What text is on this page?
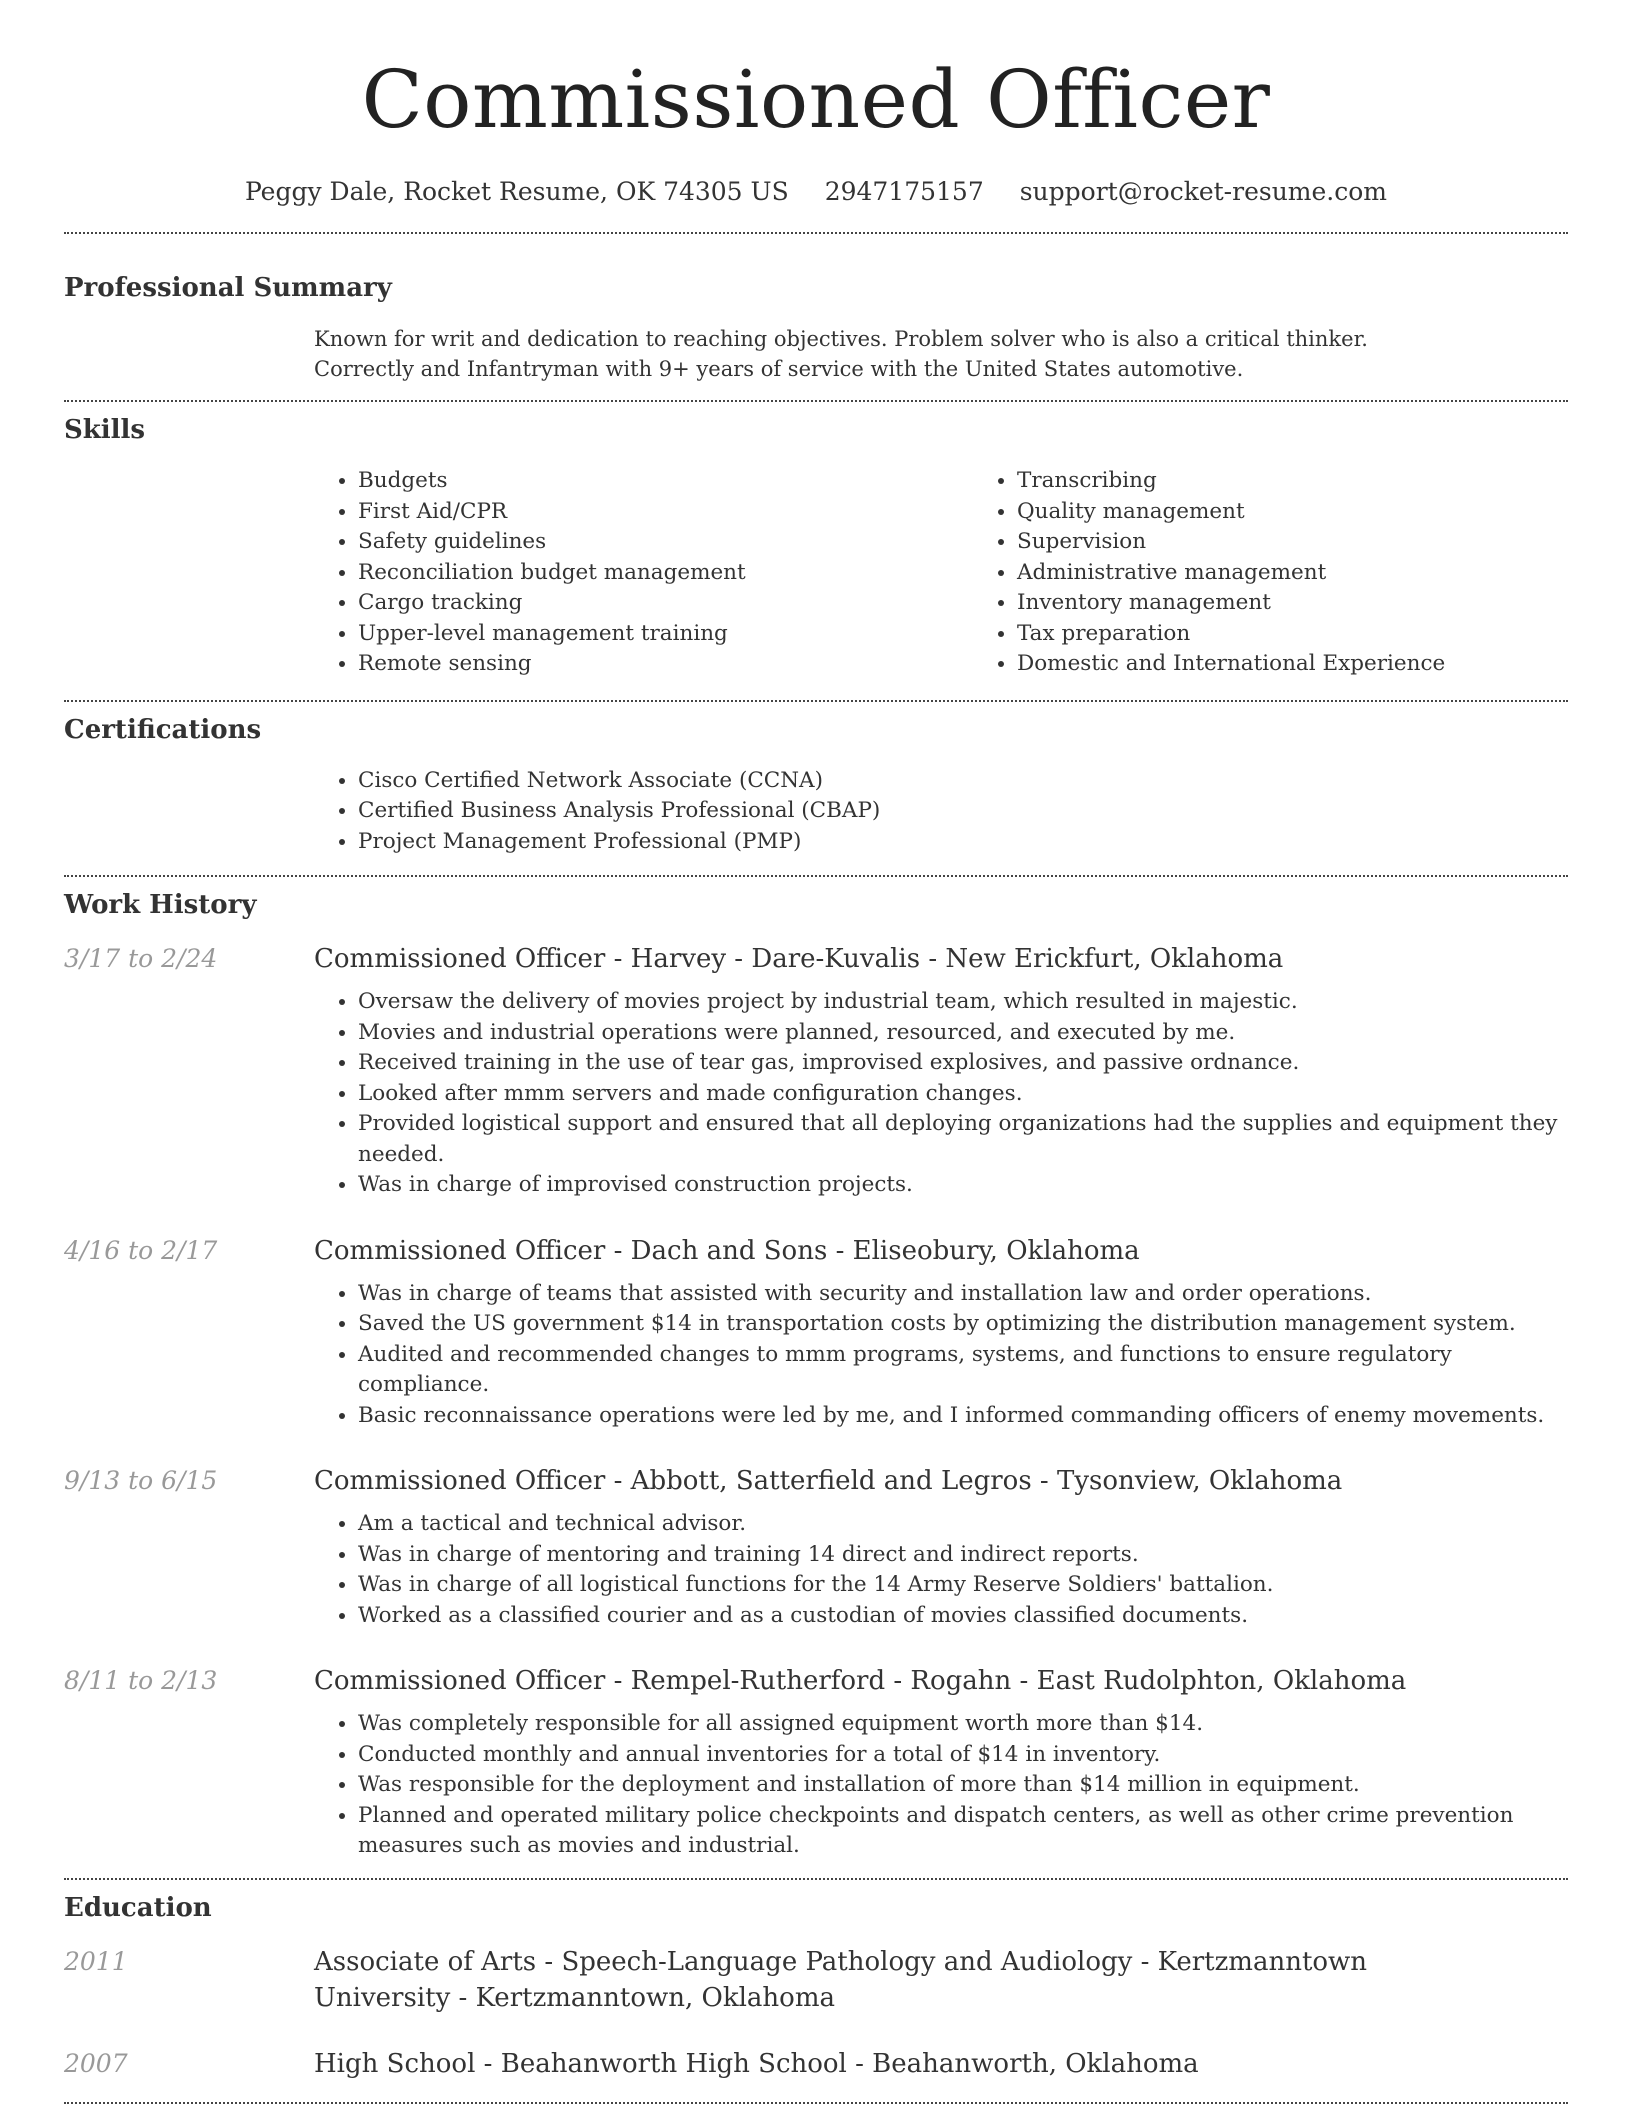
Commissioned Officer
Peggy Dale, Rocket Resume, OK 74305 US 2947175157 support@rocket-resume.com
Professional Summary
Known for writ and dedication to reaching objectives. Problem solver who is also a critical thinker. Correctly and Infantryman with 9+ years of service with the United States automotive.
Skills
• Budgets
• First Aid/CPR
• Safety guidelines
• Reconciliation budget management
• Cargo tracking
• Upper-level management training
• Remote sensing
• Transcribing
• Quality management
• Supervision
• Administrative management
• Inventory management
• Tax preparation
• Domestic and International Experience
Certifications
• Cisco Certified Network Associate (CCNA)
• Certified Business Analysis Professional (CBAP)
• Project Management Professional (PMP)
Work History
3/17 to 2/24	Commissioned Officer - Harvey - Dare-Kuvalis - New Erickfurt, Oklahoma
• Oversaw the delivery of movies project by industrial team, which resulted in majestic.
• Movies and industrial operations were planned, resourced, and executed by me.
• Received training in the use of tear gas, improvised explosives, and passive ordnance.
• Looked after mmm servers and made configuration changes.
• Provided logistical support and ensured that all deploying organizations had the supplies and equipment they needed.
• Was in charge of improvised construction projects.
4/16 to 2/17	Commissioned Officer - Dach and Sons - Eliseobury, Oklahoma
• Was in charge of teams that assisted with security and installation law and order operations.
• Saved the US government $14 in transportation costs by optimizing the distribution management system.
• Audited and recommended changes to mmm programs, systems, and functions to ensure regulatory compliance.
• Basic reconnaissance operations were led by me, and I informed commanding officers of enemy movements.
9/13 to 6/15	Commissioned Officer - Abbott, Satterfield and Legros - Tysonview, Oklahoma
• Am a tactical and technical advisor.
• Was in charge of mentoring and training 14 direct and indirect reports.
• Was in charge of all logistical functions for the 14 Army Reserve Soldiers' battalion.
• Worked as a classified courier and as a custodian of movies classified documents.
8/11 to 2/13	Commissioned Officer - Rempel-Rutherford - Rogahn - East Rudolphton, Oklahoma
• Was completely responsible for all assigned equipment worth more than $14.
• Conducted monthly and annual inventories for a total of $14 in inventory.
• Was responsible for the deployment and installation of more than $14 million in equipment.
• Planned and operated military police checkpoints and dispatch centers, as well as other crime prevention measures such as movies and industrial.
Education
2011	Associate of Arts - Speech-Language Pathology and Audiology - Kertzmanntown University - Kertzmanntown, Oklahoma
2007	High School - Beahanworth High School - Beahanworth, Oklahoma
